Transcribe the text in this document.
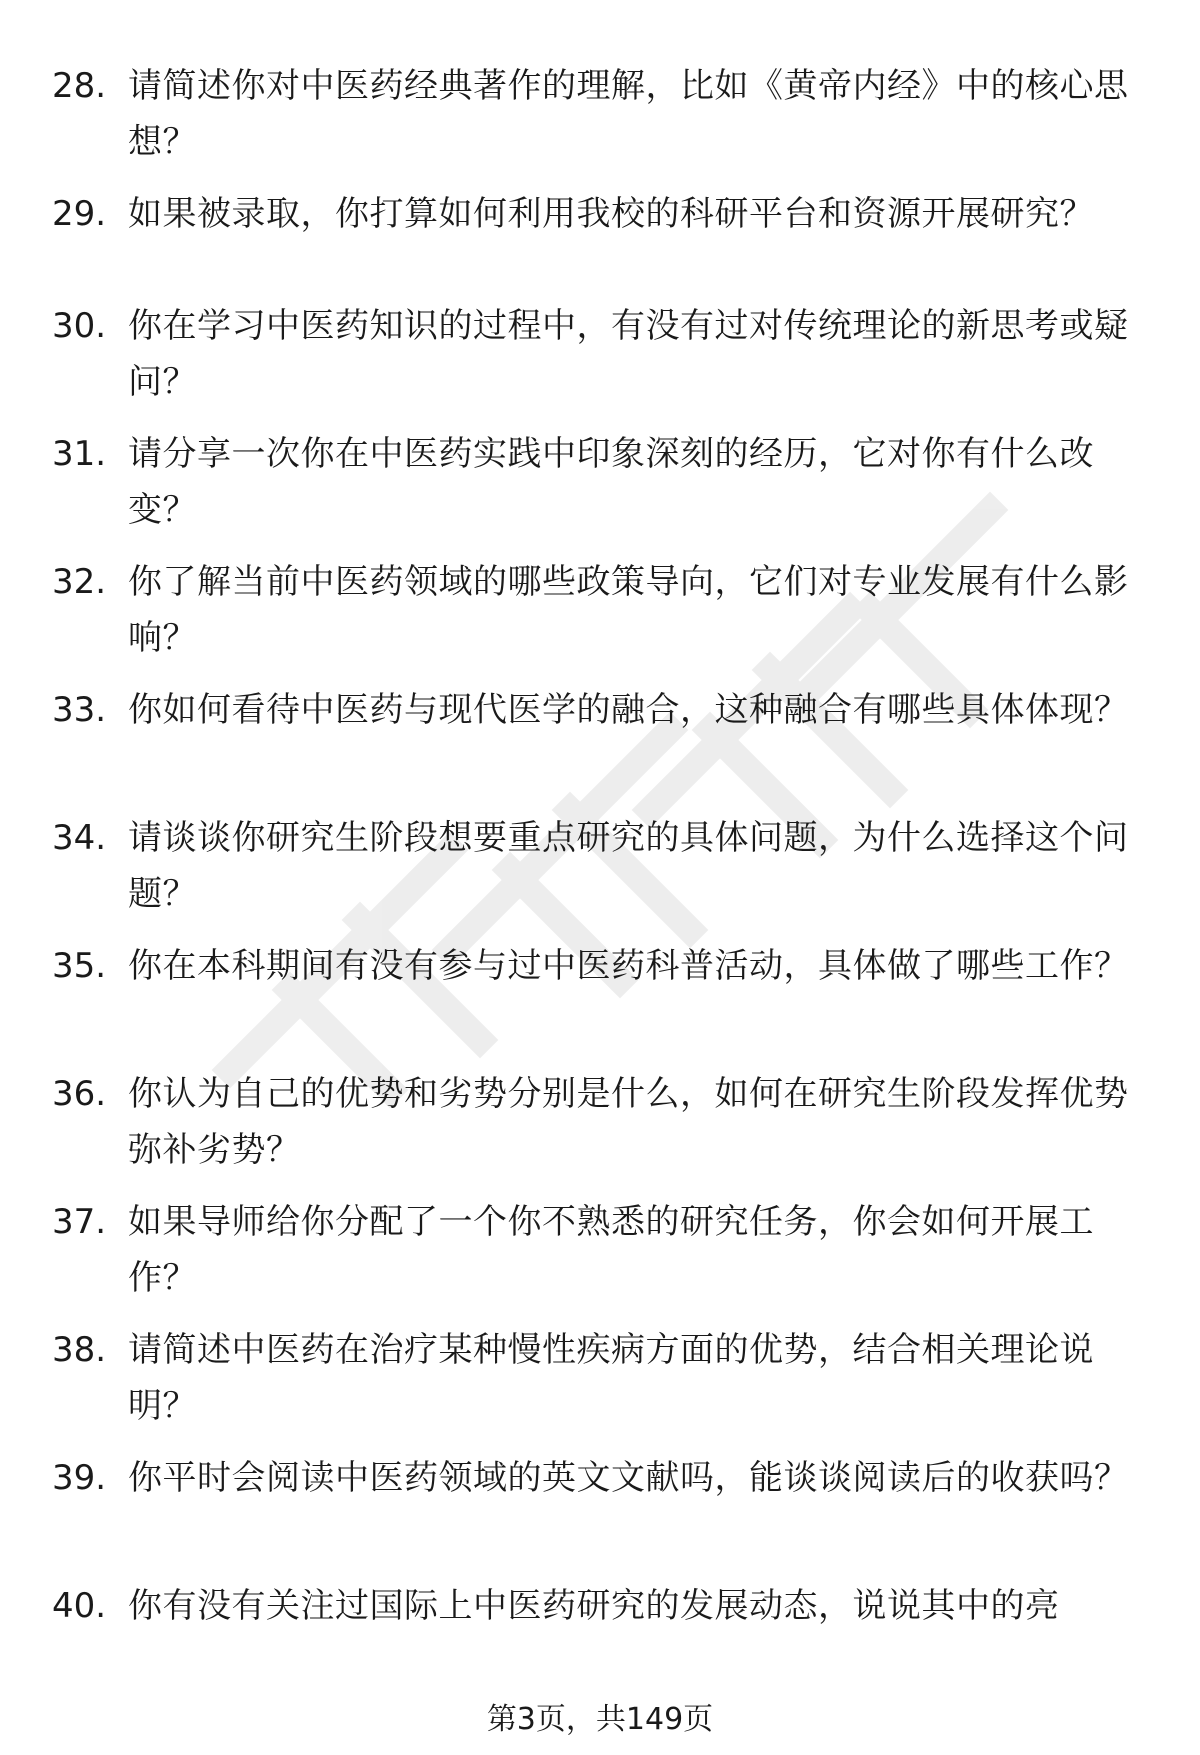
28. 请简述你对中医药经典著作的理解，比如《黄帝内经》中的核心思想？
29. 如果被录取，你打算如何利用我校的科研平台和资源开展研究？
30. 你在学习中医药知识的过程中，有没有过对传统理论的新思考或疑问？
31. 请分享一次你在中医药实践中印象深刻的经历，它对你有什么改变？
32. 你了解当前中医药领域的哪些政策导向，它们对专业发展有什么影响？
33. 你如何看待中医药与现代医学的融合，这种融合有哪些具体体现？
34. 请谈谈你研究生阶段想要重点研究的具体问题，为什么选择这个问题？
35. 你在本科期间有没有参与过中医药科普活动，具体做了哪些工作？
36. 你认为自己的优势和劣势分别是什么，如何在研究生阶段发挥优势弥补劣势？
37. 如果导师给你分配了一个你不熟悉的研究任务，你会如何开展工作？
38. 请简述中医药在治疗某种慢性疾病方面的优势，结合相关理论说明？
39. 你平时会阅读中医药领域的英文文献吗，能谈谈阅读后的收获吗？
40. 你有没有关注过国际上中医药研究的发展动态，说说其中的亮
第3页，共149页
